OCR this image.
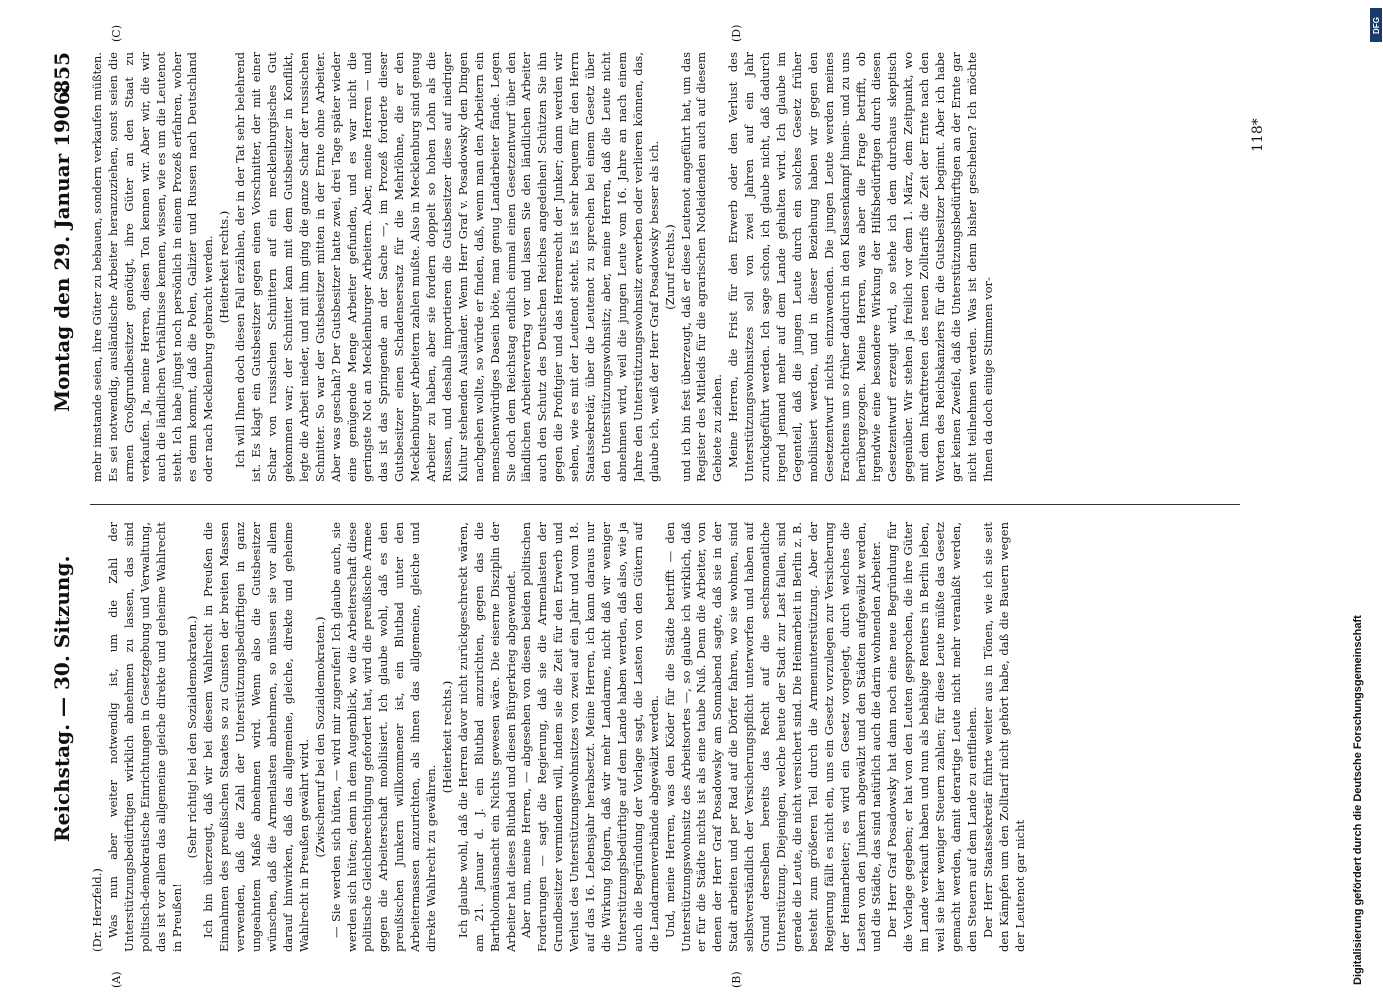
Reichstag. — 30. Sitzung.
Montag den 29. Januar 1906.
855

(Dr. Herzfeld.) Was nun aber weiter notwendig ist, um die Zahl der Unterstützungsbedürftigen wirklich abnehmen zu lassen, das sind politisch-demokratische Einrichtungen in Gesetzgebung und Verwaltung, das ist vor allem das allgemeine gleiche direkte und geheime Wahlrecht in Preußen!

(Sehr richtig! bei den Sozialdemokraten.) Ich bin überzeugt, daß wir bei diesem Wahlrecht in Preußen die Einnahmen des preußischen Staates so zu Gunsten der breiten Massen verwenden, daß die Zahl der Unterstützungsbedürftigen in ganz ungeahntem Maße abnehmen wird. Wenn also die Gutsbesitzer wünschen, daß die Armenlasten abnehmen, so müssen sie vor allem darauf hinwirken, daß das allgemeine, gleiche, direkte und geheime Wahlrecht in Preußen gewährt wird. (Zwischenruf bei den Sozialdemokraten.) — Sie werden sich hüten, — wird mir zugerufen! Ich glaube auch, sie werden sich hüten; denn in dem Augenblick, wo die Arbeiterschaft diese politische Gleichberechtigung gefordert hat, wird die preußische Armee gegen die Arbeiterschaft mobilisiert. Ich glaube wohl, daß es den preußischen Junkern willkommener ist, ein Blutbad unter den Arbeitermassen anzurichten, als ihnen das allgemeine, gleiche und direkte Wahlrecht zu gewähren.

(Heiterkeit rechts.) Ich glaube wohl, daß die Herren davor nicht zurückgeschreckt wären, am 21. Januar d. J. ein Blutbad anzurichten, gegen das die Bartholomäusnacht ein Nichts gewesen wäre. Die eiserne Disziplin der Arbeiter hat dieses Blutbad und diesen Bürgerkrieg abgewendet. Aber nun, meine Herren, — abgesehen von diesen beiden politischen Forderungen — sagt die Regierung, daß sie die Armenlasten der Grundbesitzer vermindern will, indem sie die Zeit für den Erwerb und Verlust des Unterstützungswohnsitzes von zwei auf ein Jahr und vom 18. auf das 16. Lebensjahr herabsetzt. Meine Herren, ich kann daraus nur die Wirkung folgern, daß wir mehr Landarme, nicht daß wir weniger Unterstützungsbedürftige auf dem Lande haben werden, daß also, wie ja auch die Begründung der Vorlage sagt, die Lasten von den Gütern auf die Landarmenverbände abgewälzt werden. Und, meine Herren, was den Köder für die Städte betrifft — den Unterstützungswohnsitz des Arbeitsortes —, so glaube ich wirklich, daß er für die Städte nichts ist als eine taube Nuß. Denn die Arbeiter, von denen der Herr Graf Posadowsky am Sonnabend sagte, daß sie in der Stadt arbeiten und per Rad auf die Dörfer fahren, wo sie wohnen, sind selbstverständlich der Versicherungspflicht unterworfen und haben auf Grund derselben bereits das Recht auf die sechsmonatliche Unterstützung. Diejenigen, welche heute der Stadt zur Last fallen, sind gerade die Leute, die nicht versichert sind. Die Heimarbeit in Berlin z. B. besteht zum größeren Teil durch die Armenunterstützung. Aber der Regierung fällt es nicht ein, uns ein Gesetz vorzulegen zur Versicherung der Heimarbeiter; es wird ein Gesetz vorgelegt, durch welches die Lasten von den Junkern abgewälzt und den Städten aufgewälzt werden, und die Städte, das sind natürlich auch die darin wohnenden Arbeiter. Der Herr Graf Posadowsky hat dann noch eine neue Begründung für die Vorlage gegeben; er hat von den Leuten gesprochen, die ihre Güter im Lande verkauft haben und nun als behäbige Rentiers in Berlin leben, weil sie hier weniger Steuern zahlen; für diese Leute müßte das Gesetz gemacht werden, damit derartige Leute nicht mehr veranlaßt werden, den Steuern auf dem Lande zu entfliehen. Der Herr Staatssekretär führte weiter aus in Tönen, wie ich sie seit den Kämpfen um den Zolltarif nicht gehört habe, daß die Bauern wegen der Leutenot gar nicht

mehr imstande seien, ihre Güter zu bebauen, sondern verkaufen müßten. Es sei notwendig, ausländische Arbeiter heranzuziehen, sonst seien die armen Großgrundbesitzer genötigt, ihre Güter an den Staat zu verkaufen. Ja, meine Herren, diesen Ton kennen wir. Aber wir, die wir auch die ländlichen Verhältnisse kennen, wissen, wie es um die Leutenot steht. Ich habe jüngst noch persönlich in einem Prozeß erfahren, woher es denn kommt, daß die Polen, Galizier und Russen nach Deutschland oder nach Mecklenburg gebracht werden. (Heiterkeit rechts.) Ich will Ihnen doch diesen Fall erzählen, der in der Tat sehr belehrend ist. Es klagt ein Gutsbesitzer gegen einen Vorschnitter, der mit einer Schar von russischen Schnittern auf ein mecklenburgisches Gut gekommen war; der Schnitter kam mit dem Gutsbesitzer in Konflikt, legte die Arbeit nieder, und mit ihm ging die ganze Schar der russischen Schnitter. So war der Gutsbesitzer mitten in der Ernte ohne Arbeiter. Aber was geschah? Der Gutsbesitzer hatte zwei, drei Tage später wieder eine genügende Menge Arbeiter gefunden, und es war nicht die geringste Not an Mecklenburger Arbeitern. Aber, meine Herren — und das ist das Springende an der Sache —, im Prozeß forderte dieser Gutsbesitzer einen Schadensersatz für die Mehrlöhne, die er den Mecklenburger Arbeitern zahlen mußte. Also in Mecklenburg sind genug Arbeiter zu haben, aber sie fordern doppelt so hohen Lohn als die Russen, und deshalb importieren die Gutsbesitzer diese auf niedriger Kultur stehenden Ausländer. Wenn Herr Graf v. Posadowsky den Dingen nachgehen wollte, so würde er finden, daß, wenn man den Arbeitern ein menschenwürdiges Dasein böte, man genug Landarbeiter fände. Legen Sie doch dem Reichstag endlich einmal einen Gesetzentwurf über den ländlichen Arbeitervertrag vor und lassen Sie den ländlichen Arbeiter auch den Schutz des Deutschen Reiches angedeihen! Schützen Sie ihn gegen die Profitgier und das Herrenrecht der Junker; dann werden wir sehen, wie es mit der Leutenot steht. Es ist sehr bequem für den Herrn Staatssekretär, über die Leutenot zu sprechen bei einem Gesetz über den Unterstützungswohnsitz; aber, meine Herren, daß die Leute nicht abnehmen wird, weil die jungen Leute vom 16. Jahre an nach einem Jahre den Unterstützungswohnsitz erwerben oder verlieren können, das, glaube ich, weiß der Herr Graf Posadowsky besser als ich. (Zuruf rechts.) und ich bin fest überzeugt, daß er diese Leutenot angeführt hat, um das Register des Mitleids für die agrarischen Notleidenden auch auf diesem Gebiete zu ziehen. Meine Herren, die Frist für den Erwerb oder den Verlust des Unterstützungswohnsitzes soll von zwei Jahren auf ein Jahr zurückgeführt werden. Ich sage schon, ich glaube nicht, daß dadurch irgend jemand mehr auf dem Lande gehalten wird. Ich glaube im Gegenteil, daß die jungen Leute durch ein solches Gesetz früher mobilisiert werden, und in dieser Beziehung haben wir gegen den Gesetzentwurf nichts einzuwenden. Die jungen Leute werden meines Erachtens um so früher dadurch in den Klassenkampf hinein- und zu uns herübergezogen. Meine Herren, was aber die Frage betrifft, ob irgendwie eine besondere Wirkung der Hilfsbedürftigen durch diesen Gesetzentwurf erzeugt wird, so stehe ich dem durchaus skeptisch gegenüber. Wir stehen ja freilich vor dem 1. März, dem Zeitpunkt, wo mit dem Inkrafttreten des neuen Zolltarifs die Zeit der Ernte nach den Worten des Reichskanzlers für die Gutsbesitzer beginnt. Aber ich habe gar keinen Zweifel, daß die Unterstützungsbedürftigen an der Ernte gar nicht teilnehmen werden. Was ist denn bisher geschehen? Ich möchte Ihnen da doch einige Stimmen vor-

(A)	(B)
(C)	(D)
118*
Digitalisierung gefördert durch die Deutsche Forschungsgemeinschaft
DFG
